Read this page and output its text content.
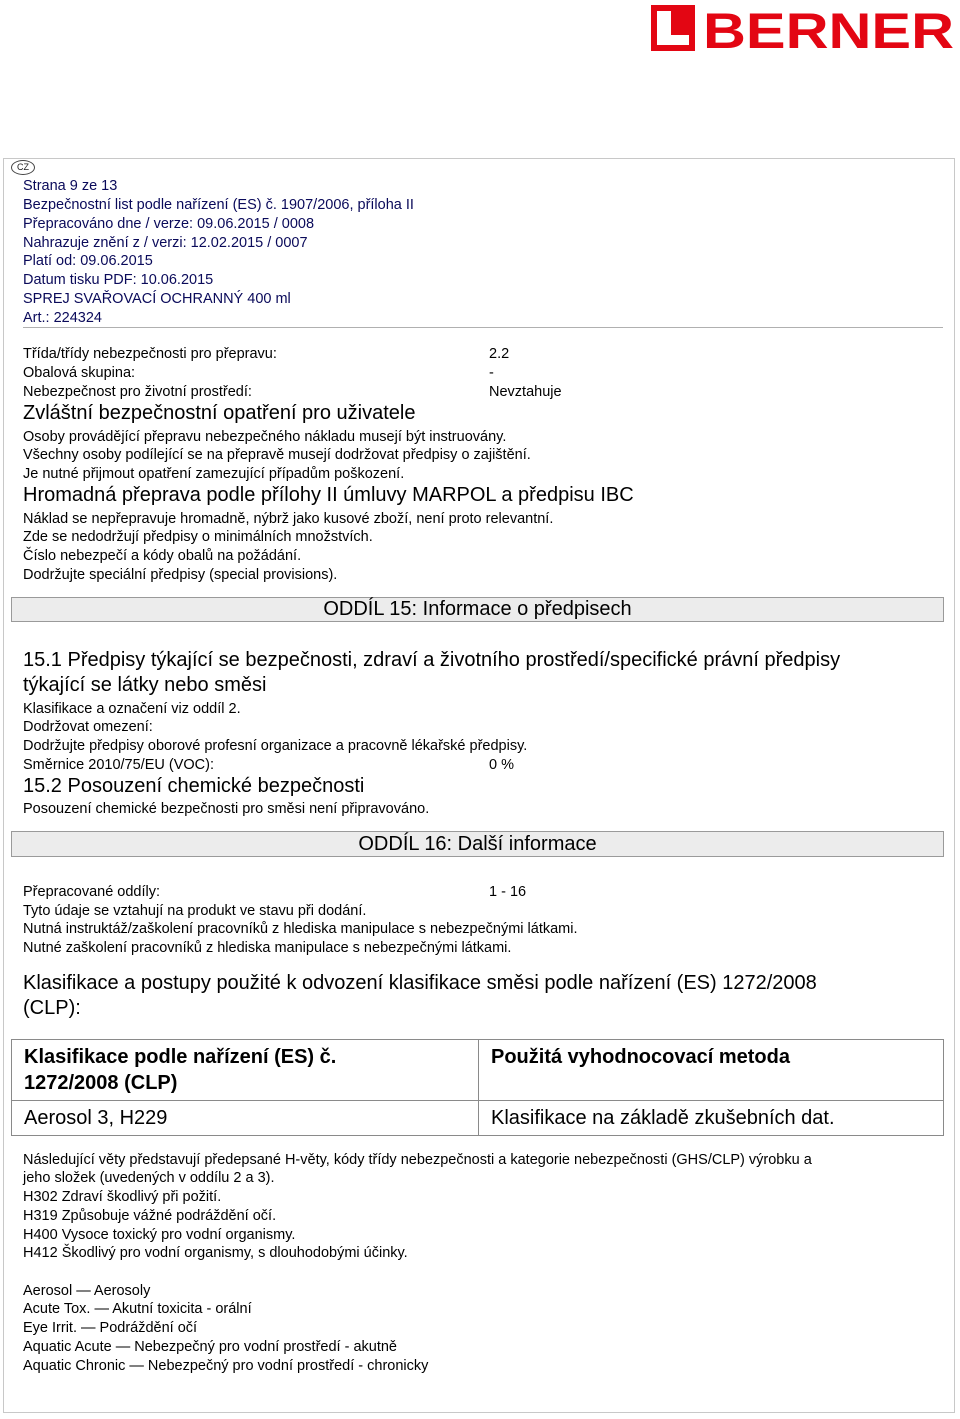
BERNER
CZ
Strana 9 ze 13
Bezpečnostní list podle nařízení (ES) č. 1907/2006, příloha II
Přepracováno dne / verze: 09.06.2015 / 0008
Nahrazuje znění z / verzi: 12.02.2015 / 0007
Platí od: 09.06.2015
Datum tisku PDF: 10.06.2015
SPREJ SVAŘOVACÍ OCHRANNÝ 400 ml
Art.: 224324
Třída/třídy nebezpečnosti pro přepravu:	2.2
Obalová skupina:	-
Nebezpečnost pro životní prostředí:	Nevztahuje
Zvláštní bezpečnostní opatření pro uživatele
Osoby provádějící přepravu nebezpečného nákladu musejí být instruovány.
Všechny osoby podílející se na přepravě musejí dodržovat předpisy o zajištění.
Je nutné přijmout opatření zamezující případům poškození.
Hromadná přeprava podle přílohy II úmluvy MARPOL a předpisu IBC
Náklad se nepřepravuje hromadně, nýbrž jako kusové zboží, není proto relevantní.
Zde se nedodržují předpisy o minimálních množstvích.
Číslo nebezpečí a kódy obalů na požádání.
Dodržujte speciální předpisy (special provisions).
ODDÍL 15: Informace o předpisech
15.1 Předpisy týkající se bezpečnosti, zdraví a životního prostředí/specifické právní předpisy
týkající se látky nebo směsi
Klasifikace a označení viz oddíl 2.
Dodržovat omezení:
Dodržujte předpisy oborové profesní organizace a pracovně lékařské předpisy.
Směrnice 2010/75/EU (VOC):	0 %
15.2 Posouzení chemické bezpečnosti
Posouzení chemické bezpečnosti pro směsi není připravováno.
ODDÍL 16: Další informace
Přepracované oddíly:	1 - 16
Tyto údaje se vztahují na produkt ve stavu při dodání.
Nutná instruktáž/zaškolení pracovníků z hlediska manipulace s nebezpečnými látkami.
Nutné zaškolení pracovníků z hlediska manipulace s nebezpečnými látkami.
Klasifikace a postupy použité k odvození klasifikace směsi podle nařízení (ES) 1272/2008
(CLP):
Klasifikace podle nařízení (ES) č.
1272/2008 (CLP)	Použitá vyhodnocovací metoda
Aerosol 3, H229	Klasifikace na základě zkušebních dat.
Následující věty představují předepsané H-věty, kódy třídy nebezpečnosti a kategorie nebezpečnosti (GHS/CLP) výrobku a
jeho složek (uvedených v oddílu 2 a 3).
H302 Zdraví škodlivý při požití.
H319 Způsobuje vážné podráždění očí.
H400 Vysoce toxický pro vodní organismy.
H412 Škodlivý pro vodní organismy, s dlouhodobými účinky.
Aerosol — Aerosoly
Acute Tox. — Akutní toxicita - orální
Eye Irrit. — Podráždění očí
Aquatic Acute — Nebezpečný pro vodní prostředí - akutně
Aquatic Chronic — Nebezpečný pro vodní prostředí - chronicky
